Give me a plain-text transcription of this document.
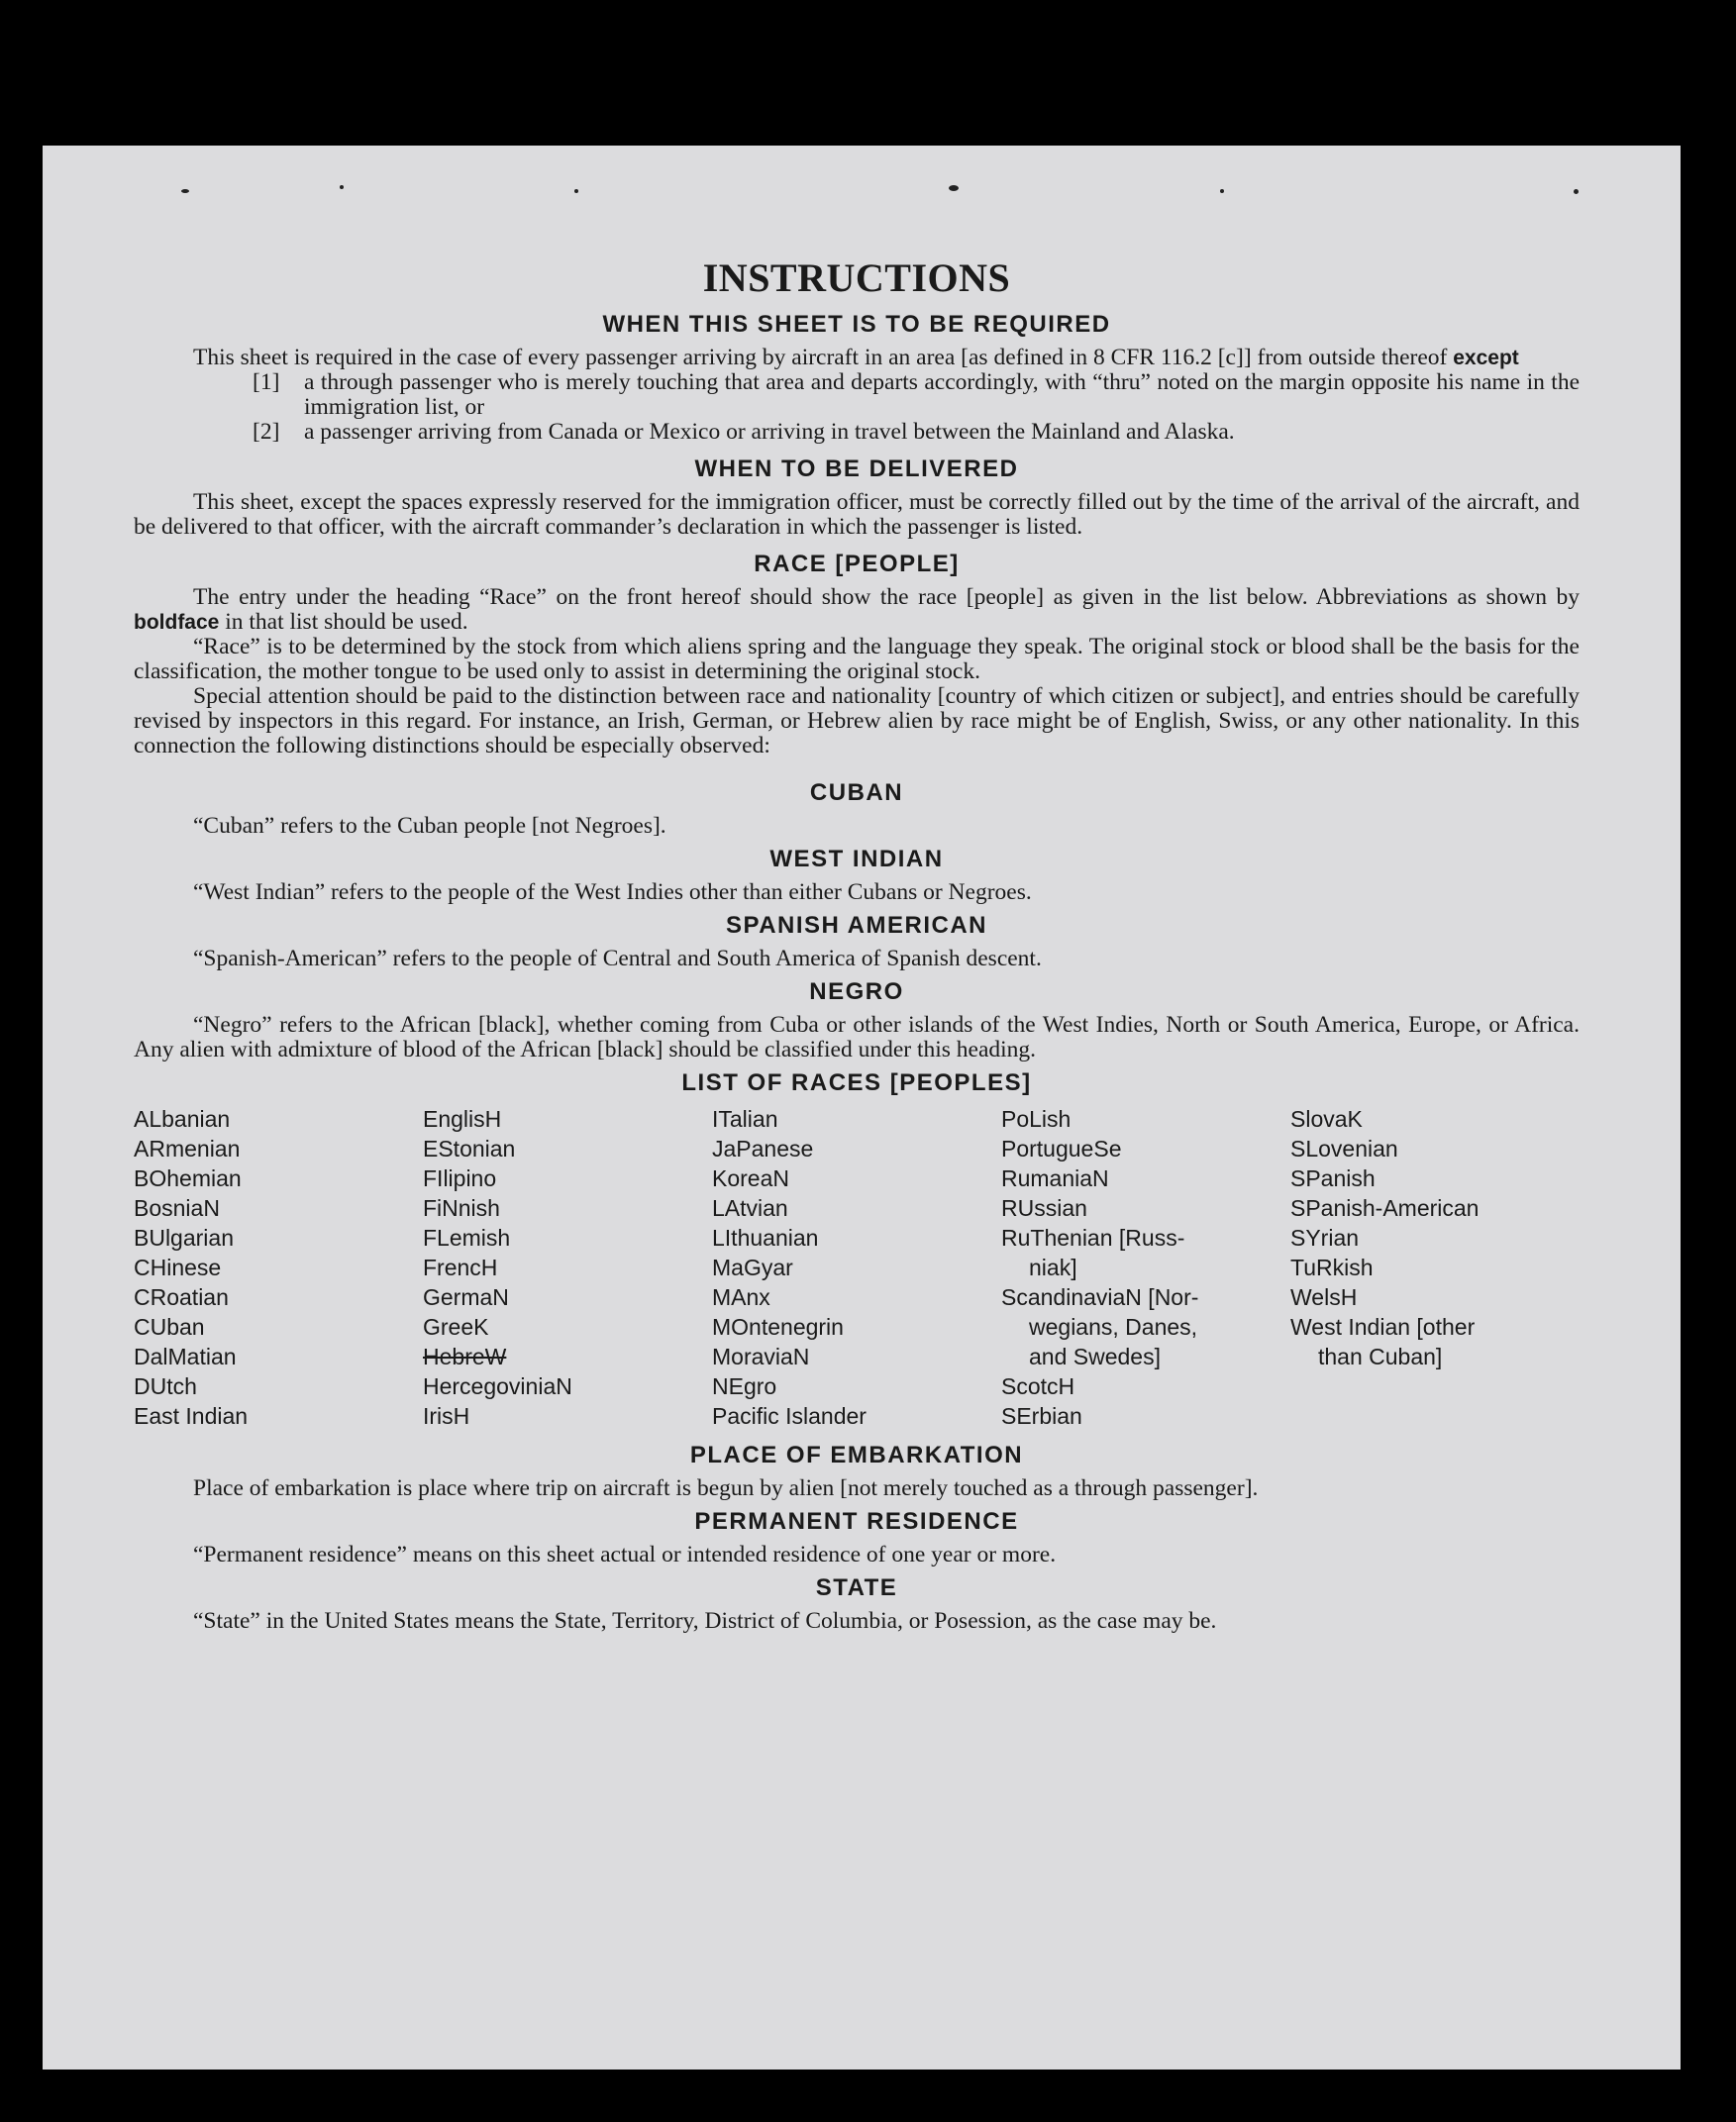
INSTRUCTIONS
WHEN THIS SHEET IS TO BE REQUIRED

This sheet is required in the case of every passenger arriving by aircraft in an area [as defined in 8 CFR 116.2 [c]] from outside thereof except

[1]	a through passenger who is merely touching that area and departs accordingly, with “thru” noted on the margin opposite his name in the immigration list, or
[2]	a passenger arriving from Canada or Mexico or arriving in travel between the Mainland and Alaska.
WHEN TO BE DELIVERED

This sheet, except the spaces expressly reserved for the immigration officer, must be correctly filled out by the time of the arrival of the aircraft, and be delivered to that officer, with the aircraft commander’s declaration in which the passenger is listed.

RACE [PEOPLE]

The entry under the heading “Race” on the front hereof should show the race [people] as given in the list below. Abbreviations as shown by boldface in that list should be used.

“Race” is to be determined by the stock from which aliens spring and the language they speak. The original stock or blood shall be the basis for the classification, the mother tongue to be used only to assist in determining the original stock.

Special attention should be paid to the distinction between race and nationality [country of which citizen or subject], and entries should be carefully revised by inspectors in this regard. For instance, an Irish, German, or Hebrew alien by race might be of English, Swiss, or any other nationality. In this connection the following distinctions should be especially observed:

CUBAN

“Cuban” refers to the Cuban people [not Negroes].

WEST INDIAN

“West Indian” refers to the people of the West Indies other than either Cubans or Negroes.

SPANISH AMERICAN

“Spanish-American” refers to the people of Central and South America of Spanish descent.

NEGRO

“Negro” refers to the African [black], whether coming from Cuba or other islands of the West Indies, North or South America, Europe, or Africa. Any alien with admixture of blood of the African [black] should be classified under this heading.

LIST OF RACES [PEOPLES]
ALbanian
ARmenian
BOhemian
BosniaN
BUlgarian
CHinese
CRoatian
CUban
DalMatian
DUtch
East Indian
EnglisH
EStonian
FIlipino
FiNnish
FLemish
FrencH
GermaN
GreeK
HebreW
HercegoviniaN
IrisH
ITalian
JaPanese
KoreaN
LAtvian
LIthuanian
MaGyar
MAnx
MOntenegrin
MoraviaN
NEgro
Pacific Islander
PoLish
PortugueSe
RumaniaN
RUssian
RuThenian [Russ-
niak]
ScandinaviaN [Nor-
wegians, Danes,
and Swedes]
ScotcH
SErbian
SlovaK
SLovenian
SPanish
SPanish-American
SYrian
TuRkish
WelsH
West Indian [other
than Cuban]
PLACE OF EMBARKATION

Place of embarkation is place where trip on aircraft is begun by alien [not merely touched as a through passenger].

PERMANENT RESIDENCE

“Permanent residence” means on this sheet actual or intended residence of one year or more.

STATE

“State” in the United States means the State, Territory, District of Columbia, or Posession, as the case may be.
